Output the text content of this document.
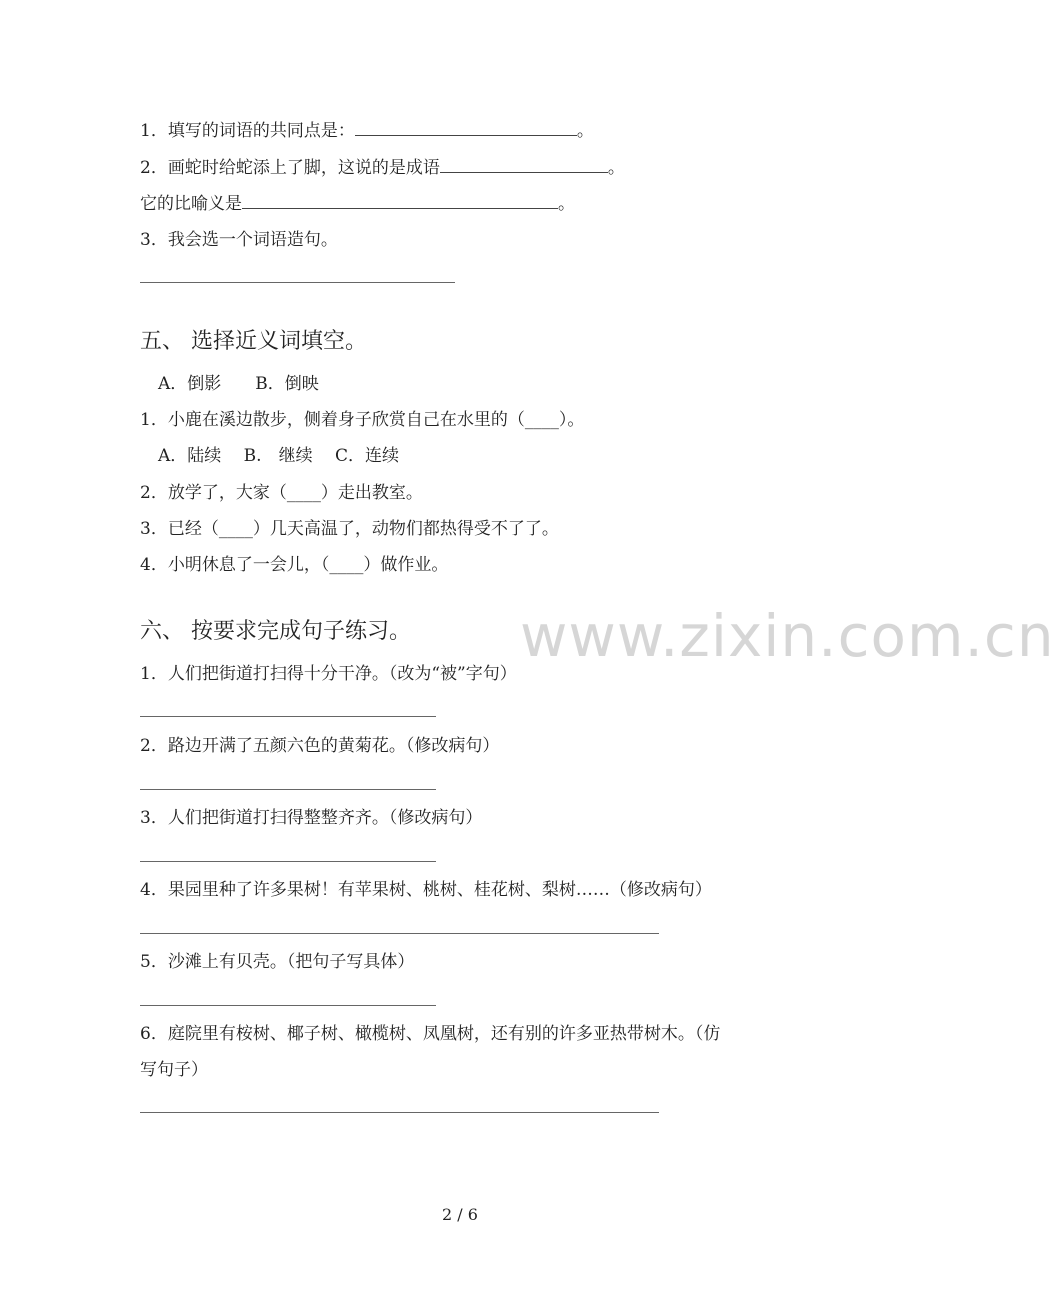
www.zixin.com.cn
1．填写的词语的共同点是：	。
2．画蛇时给蛇添上了脚，这说的是成语	。
它的比喻义是	。
3．我会选一个词语造句。
五、 选择近义词填空。
A．倒影　　B．倒映
1．小鹿在溪边散步，侧着身子欣赏自己在水里的（____）。
A．陆续　 B.　继续　 C．连续
2．放学了，大家（____）走出教室。
3．已经（____）几天高温了，动物们都热得受不了了。
4．小明休息了一会儿，（____）做作业。
六、 按要求完成句子练习。
1．人们把街道打扫得十分干净。（改为“被”字句）
2．路边开满了五颜六色的黄菊花。（修改病句）
3．人们把街道打扫得整整齐齐。（修改病句）
4．果园里种了许多果树！有苹果树、桃树、桂花树、梨树……（修改病句）
5．沙滩上有贝壳。（把句子写具体）
6．庭院里有桉树、椰子树、橄榄树、凤凰树，还有别的许多亚热带树木。（仿
写句子）
2 / 6
